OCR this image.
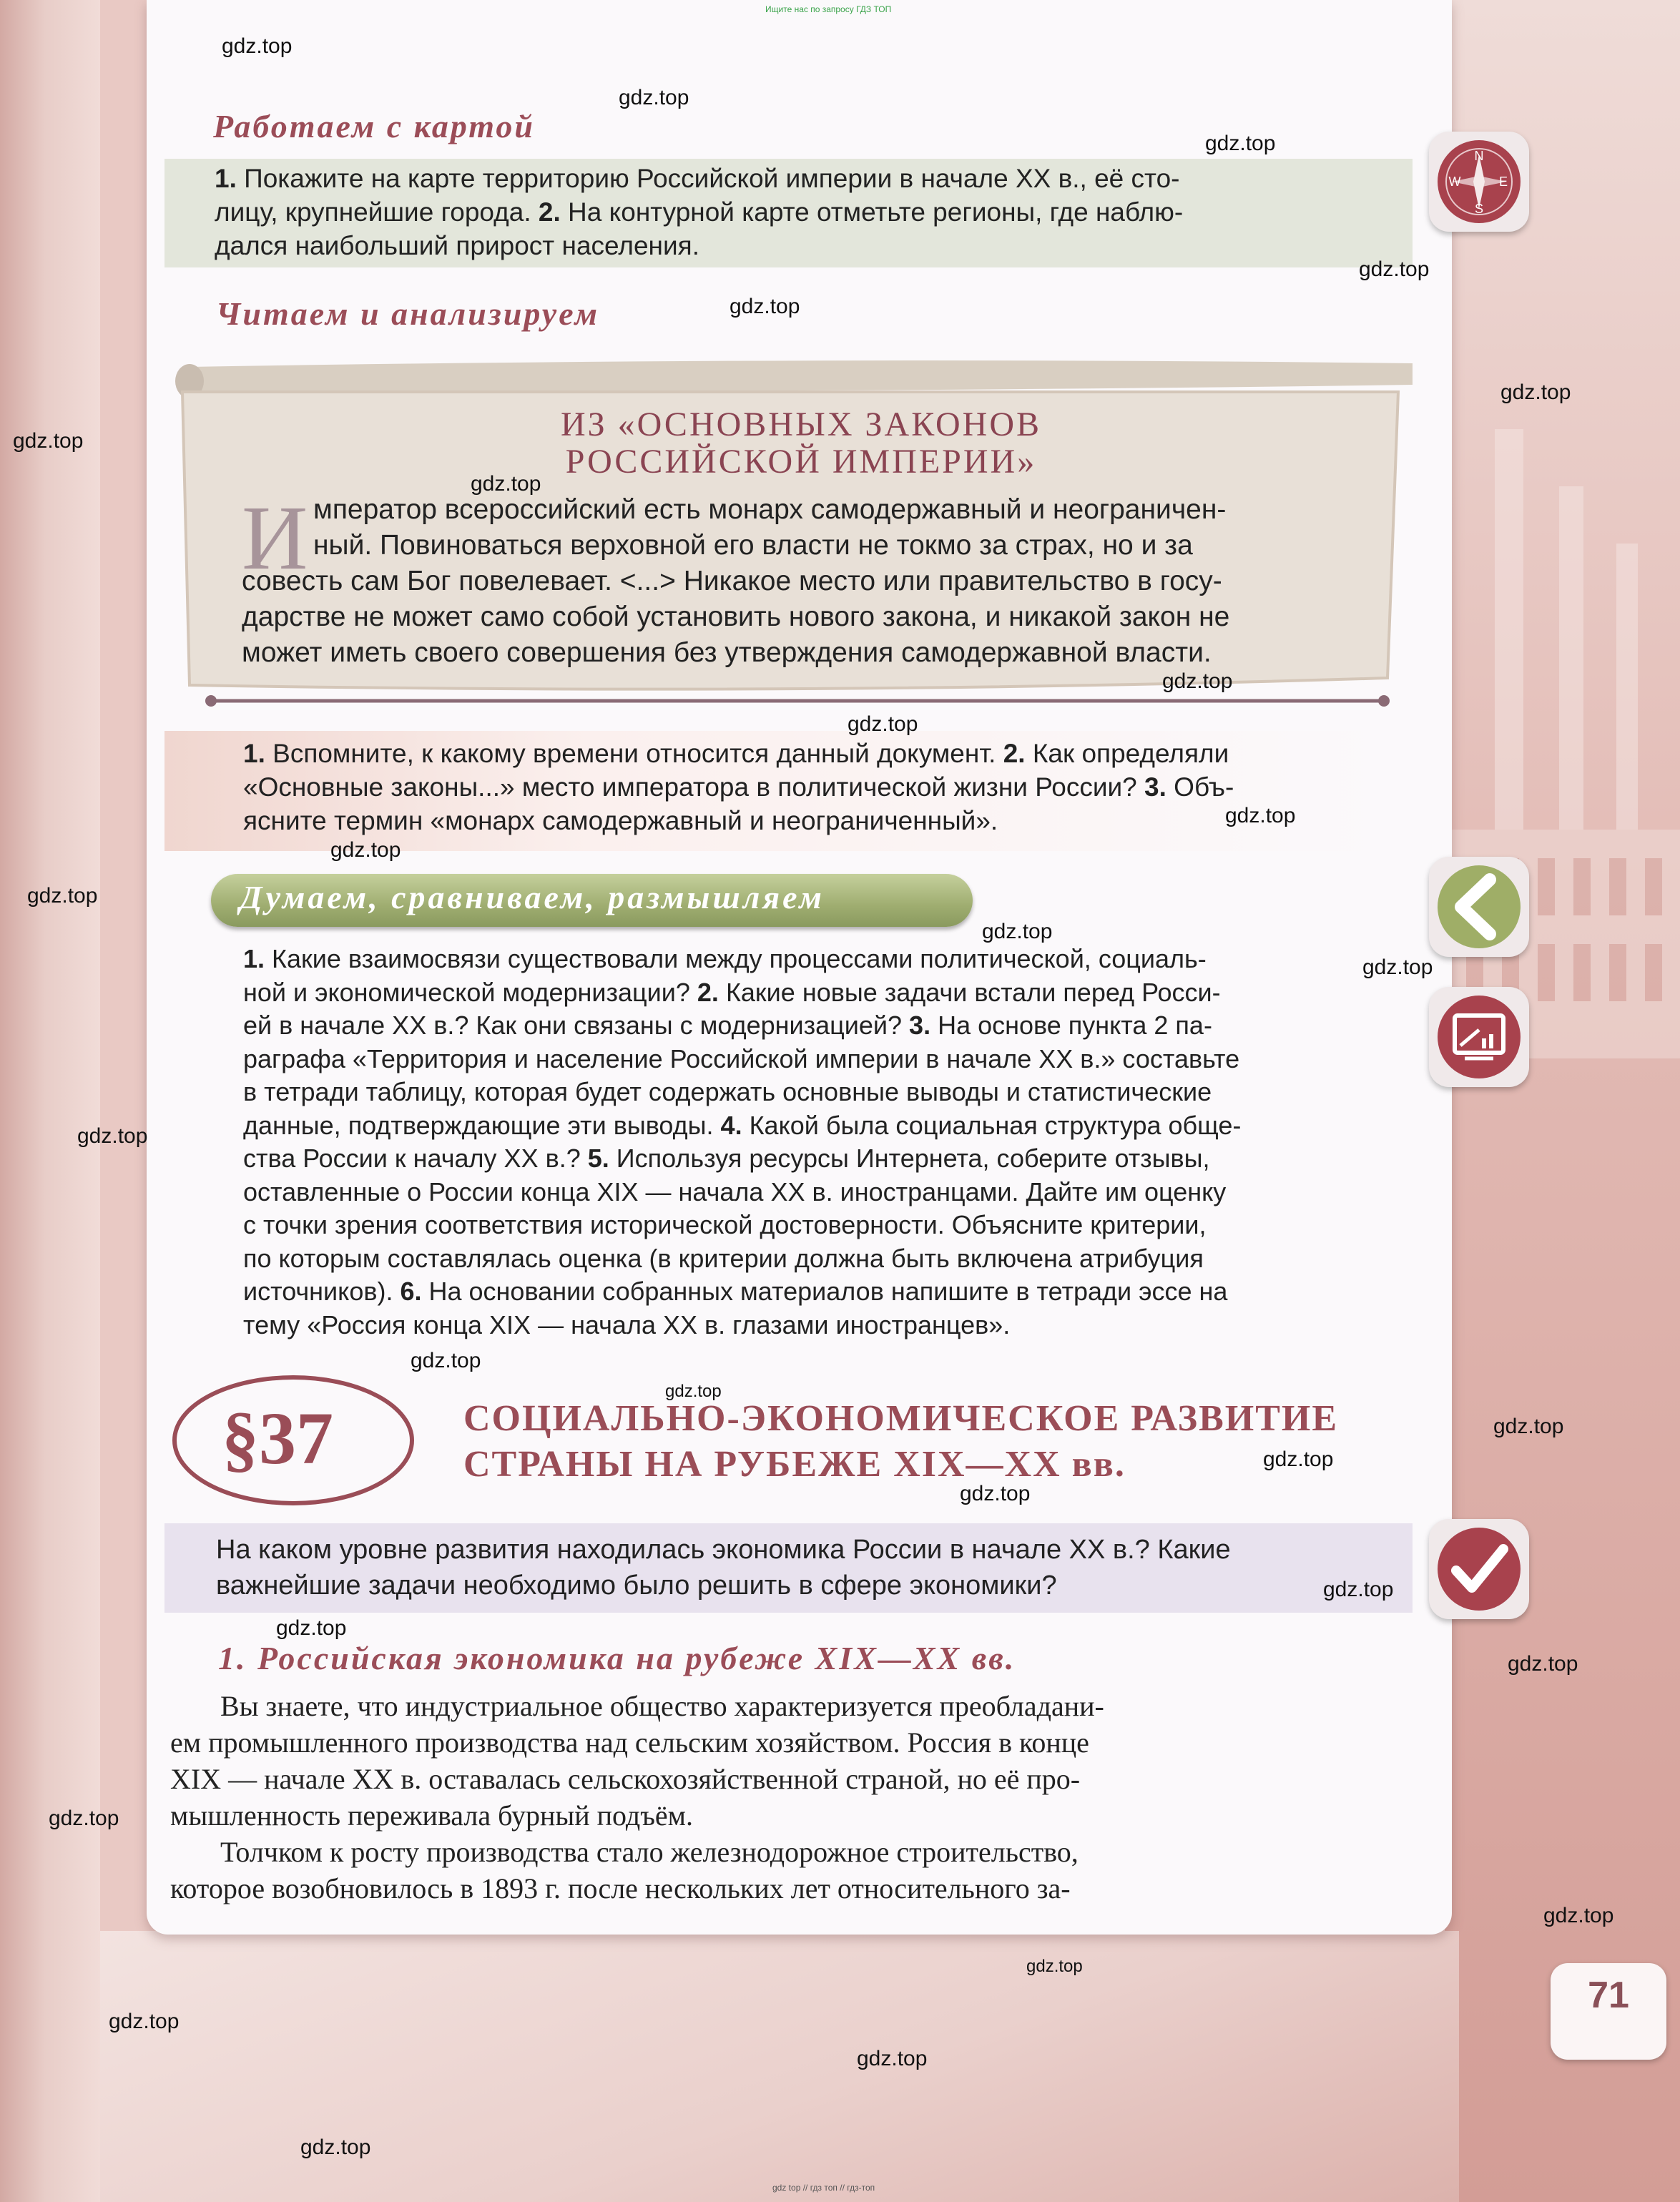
Ищите нас по запросу ГДЗ ТОП
Работаем с картой
1. Покажите на карте территорию Российской империи в начале XX в., её сто-
лицу, крупнейшие города. 2. На контурной карте отметьте регионы, где наблю-
дался наибольший прирост населения.
Читаем и анализируем
ИЗ «ОСНОВНЫХ ЗАКОНОВ
РОССИЙСКОЙ ИМПЕРИИ»
И мператор всероссийский есть монарх самодержавный и неограничен-
ный. Повиноваться верховной его власти не токмо за страх, но и за
совесть сам Бог повелевает. <...> Никакое место или правительство в госу-
дарстве не может само собой установить нового закона, и никакой закон не
может иметь своего совершения без утверждения самодержавной власти.
1. Вспомните, к какому времени относится данный документ. 2. Как определяли
«Основные законы...» место императора в политической жизни России? 3. Объ-
ясните термин «монарх самодержавный и неограниченный».
Думаем, сравниваем, размышляем
1. Какие взаимосвязи существовали между процессами политической, социаль-
ной и экономической модернизации? 2. Какие новые задачи встали перед Росси-
ей в начале XX в.? Как они связаны с модернизацией? 3. На основе пункта 2 па-
раграфа «Территория и население Российской империи в начале XX в.» составьте
в тетради таблицу, которая будет содержать основные выводы и статистические
данные, подтверждающие эти выводы. 4. Какой была социальная структура обще-
ства России к началу XX в.? 5. Используя ресурсы Интернета, соберите отзывы,
оставленные о России конца XIX — начала XX в. иностранцами. Дайте им оценку
с точки зрения соответствия исторической достоверности. Объясните критерии,
по которым составлялась оценка (в критерии должна быть включена атрибуция
источников). 6. На основании собранных материалов напишите в тетради эссе на
тему «Россия конца XIX — начала XX в. глазами иностранцев».
§37	СОЦИАЛЬНО-ЭКОНОМИЧЕСКОЕ РАЗВИТИЕ
СТРАНЫ НА РУБЕЖЕ XIX—XX вв.
На каком уровне развития находилась экономика России в начале XX в.? Какие
важнейшие задачи необходимо было решить в сфере экономики?
1. Российская экономика на рубеже XIX—XX вв.
Вы знаете, что индустриальное общество характеризуется преобладани-
ем промышленного производства над сельским хозяйством. Россия в конце
XIX — начале XX в. оставалась сельскохозяйственной страной, но её про-
мышленность переживала бурный подъём.
Толчком к росту производства стало железнодорожное строительство,
которое возобновилось в 1893 г. после нескольких лет относительного за-
N
W	E
S
71
gdz.top
gdz.top
gdz.top
gdz.top
gdz.top
gdz.top
gdz.top
gdz.top
gdz.top
gdz.top
gdz.top
gdz.top
gdz.top
gdz.top
gdz.top
gdz.top
gdz.top
gdz.top
gdz.top
gdz.top
gdz.top
gdz.top
gdz.top
gdz.top
gdz.top
gdz.top
gdz.top
gdz.top
gdz.top
gdz.top
gdz top // гдз топ // гдз-топ
